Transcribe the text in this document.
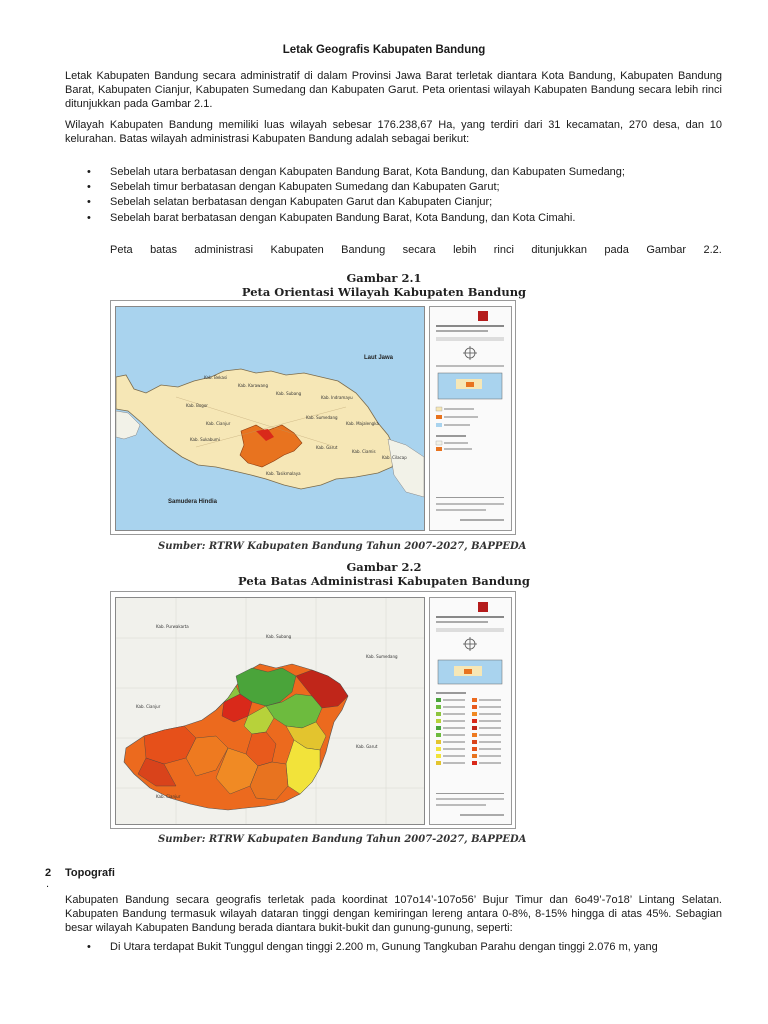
Letak Geografis Kabupaten Bandung
Letak Kabupaten Bandung secara administratif di dalam Provinsi Jawa Barat terletak diantara Kota Bandung, Kabupaten Bandung Barat, Kabupaten Cianjur, Kabupaten Sumedang dan Kabupaten Garut. Peta orientasi wilayah Kabupaten Bandung secara lebih rinci ditunjukkan pada Gambar 2.1.
Wilayah Kabupaten Bandung memiliki luas wilayah sebesar 176.238,67 Ha, yang terdiri dari 31 kecamatan, 270 desa, dan 10 kelurahan. Batas wilayah administrasi Kabupaten Bandung adalah sebagai berikut:
• Sebelah utara berbatasan dengan Kabupaten Bandung Barat, Kota Bandung, dan Kabupaten Sumedang;
• Sebelah timur berbatasan dengan Kabupaten Sumedang dan Kabupaten Garut;
• Sebelah selatan berbatasan dengan Kabupaten Garut dan Kabupaten Cianjur;
• Sebelah barat berbatasan dengan Kabupaten Bandung Barat, Kota Bandung, dan Kota Cimahi.
Peta batas administrasi Kabupaten Bandung secara lebih rinci ditunjukkan pada Gambar 2.2.
Gambar 2.1
Peta Orientasi Wilayah Kabupaten Bandung
Laut Jawa
Samudera Hindia
Kab. Bekasi
Kab. Karawang
Kab. Subang
Kab. Indramayu
Kab. Bogor
Kab. Cianjur
Kab. Sumedang
Kab. Majalengka
Kab. Sukabumi
Kab. Garut
Kab. Ciamis
Kab. Tasikmalaya
Kab. Cilacap
Sumber: RTRW Kabupaten Bandung Tahun 2007-2027, BAPPEDA
Gambar 2.2
Peta Batas Administrasi Kabupaten Bandung
Kab. Purwakarta
Kab. Subang
Kab. Sumedang
Kab. Cianjur
Kab. Garut
Kab. Cianjur
Sumber: RTRW Kabupaten Bandung Tahun 2007-2027, BAPPEDA
2
.
Topografi
Kabupaten Bandung secara geografis terletak pada koordinat 107o14’-107o56’ Bujur Timur dan 6o49’-7o18’ Lintang Selatan. Kabupaten Bandung termasuk wilayah dataran tinggi dengan kemiringan lereng antara 0-8%, 8-15% hingga di atas 45%. Sebagian besar wilayah Kabupaten Bandung berada diantara bukit-bukit dan gunung-gunung, seperti:
• Di Utara terdapat Bukit Tunggul dengan tinggi 2.200 m, Gunung Tangkuban Parahu dengan tinggi 2.076 m, yang
